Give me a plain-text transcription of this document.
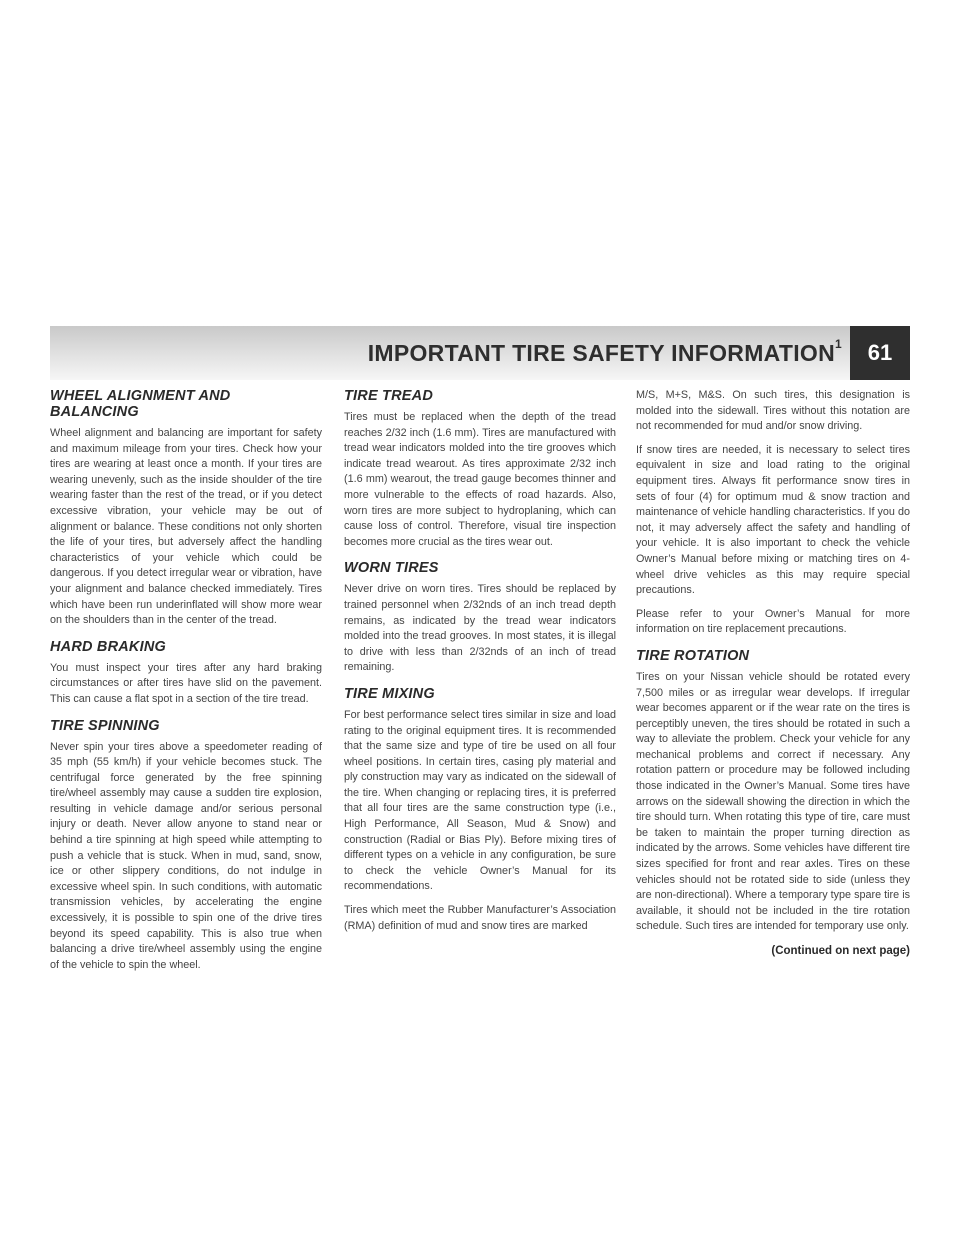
IMPORTANT TIRE SAFETY INFORMATION$^1$	61
WHEEL ALIGNMENT AND BALANCING

Wheel alignment and balancing are important for safety and maximum mileage from your tires. Check how your tires are wearing at least once a month. If your tires are wearing unevenly, such as the inside shoulder of the tire wearing faster than the rest of the tread, or if you detect excessive vibration, your vehicle may be out of alignment or balance. These conditions not only shorten the life of your tires, but adversely affect the handling characteristics of your vehicle which could be dangerous. If you detect irregular wear or vibration, have your alignment and balance checked immediately. Tires which have been run underinflated will show more wear on the shoulders than in the center of the tread.

HARD BRAKING

You must inspect your tires after any hard braking circumstances or after tires have slid on the pavement. This can cause a flat spot in a section of the tire tread.

TIRE SPINNING

Never spin your tires above a speedometer reading of 35 mph (55 km/h) if your vehicle becomes stuck. The centrifugal force generated by the free spinning tire/wheel assembly may cause a sudden tire explosion, resulting in vehicle damage and/or serious personal injury or death. Never allow anyone to stand near or behind a tire spinning at high speed while attempting to push a vehicle that is stuck. When in mud, sand, snow, ice or other slippery conditions, do not indulge in excessive wheel spin. In such conditions, with automatic transmission vehicles, by accelerating the engine excessively, it is possible to spin one of the drive tires beyond its speed capability. This is also true when balancing a drive tire/wheel assembly using the engine of the vehicle to spin the wheel.

TIRE TREAD

Tires must be replaced when the depth of the tread reaches 2/32 inch (1.6 mm). Tires are manufactured with tread wear indicators molded into the tire grooves which indicate tread wearout. As tires approximate 2/32 inch (1.6 mm) wearout, the tread gauge becomes thinner and more vulnerable to the effects of road hazards. Also, worn tires are more subject to hydroplaning, which can cause loss of control. Therefore, visual tire inspection becomes more crucial as the tires wear out.

WORN TIRES

Never drive on worn tires. Tires should be replaced by trained personnel when 2/32nds of an inch tread depth remains, as indicated by the tread wear indicators molded into the tread grooves. In most states, it is illegal to drive with less than 2/32nds of an inch of tread remaining.

TIRE MIXING

For best performance select tires similar in size and load rating to the original equipment tires. It is recommended that the same size and type of tire be used on all four wheel positions. In certain tires, casing ply material and ply construction may vary as indicated on the sidewall of the tire. When changing or replacing tires, it is preferred that all four tires are the same construction type (i.e., High Performance, All Season, Mud & Snow) and construction (Radial or Bias Ply). Before mixing tires of different types on a vehicle in any configuration, be sure to check the vehicle Owner’s Manual for its recommendations.

Tires which meet the Rubber Manufacturer’s Association (RMA) definition of mud and snow tires are marked

M/S, M+S, M&S. On such tires, this designation is molded into the sidewall. Tires without this notation are not recommended for mud and/or snow driving.

If snow tires are needed, it is necessary to select tires equivalent in size and load rating to the original equipment tires. Always fit performance snow tires in sets of four (4) for optimum mud & snow traction and maintenance of vehicle handling characteristics. If you do not, it may adversely affect the safety and handling of your vehicle. It is also important to check the vehicle Owner’s Manual before mixing or matching tires on 4-wheel drive vehicles as this may require special precautions.

Please refer to your Owner’s Manual for more information on tire replacement precautions.

TIRE ROTATION

Tires on your Nissan vehicle should be rotated every 7,500 miles or as irregular wear develops. If irregular wear becomes apparent or if the wear rate on the tires is perceptibly uneven, the tires should be rotated in such a way to alleviate the problem. Check your vehicle for any mechanical problems and correct if necessary. Any rotation pattern or procedure may be followed including those indicated in the Owner’s Manual. Some tires have arrows on the sidewall showing the direction in which the tire should turn. When rotating this type of tire, care must be taken to maintain the proper turning direction as indicated by the arrows. Some vehicles have different tire sizes specified for front and rear axles. Tires on these vehicles should not be rotated side to side (unless they are non-directional). Where a temporary type spare tire is available, it should not be included in the tire rotation schedule. Such tires are intended for temporary use only.

(Continued on next page)
